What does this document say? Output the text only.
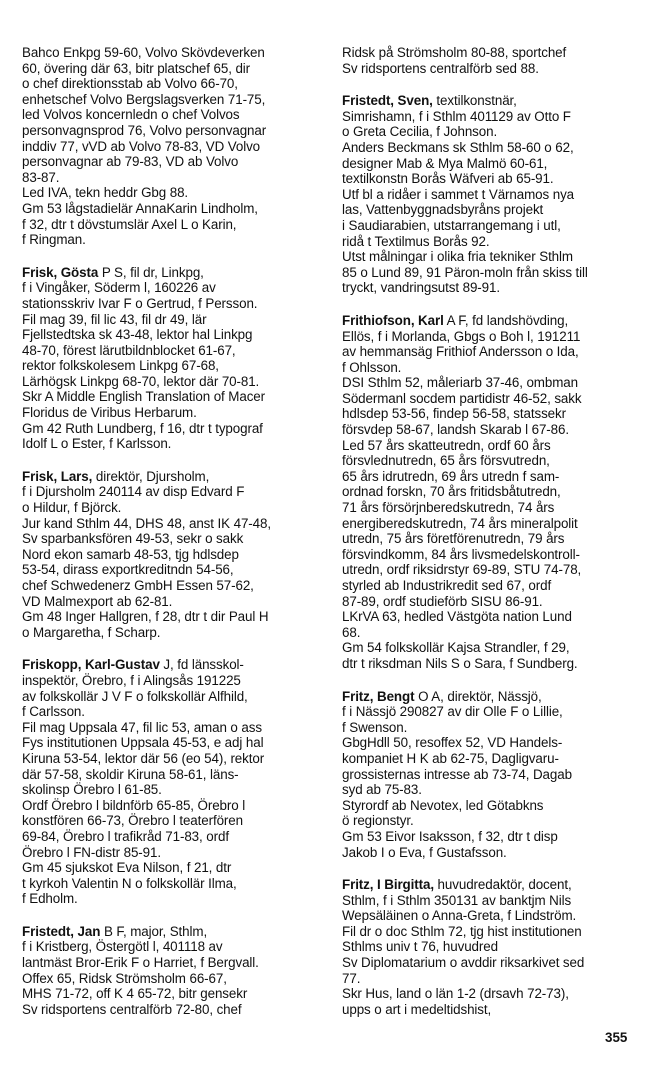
Bahco Enkpg 59-60, Volvo Skövdeverken
60, övering där 63, bitr platschef 65, dir
o chef direktionsstab ab Volvo 66-70,
enhetschef Volvo Bergslagsverken 71-75,
led Volvos koncernledn o chef Volvos
personvagnsprod 76, Volvo personvagnar
inddiv 77, vVD ab Volvo 78-83, VD Volvo
personvagnar ab 79-83, VD ab Volvo
83-87.
Led IVA, tekn heddr Gbg 88.
Gm 53 lågstadielär AnnaKarin Lindholm,
f 32, dtr t dövstumslär Axel L o Karin,
f Ringman.
Frisk, Gösta P S, fil dr, Linkpg,
f i Vingåker, Söderm l, 160226 av
stationsskriv Ivar F o Gertrud, f Persson.
Fil mag 39, fil lic 43, fil dr 49, lär
Fjellstedtska sk 43-48, lektor hal Linkpg
48-70, förest lärutbildnblocket 61-67,
rektor folkskolesem Linkpg 67-68,
Lärhögsk Linkpg 68-70, lektor där 70-81.
Skr A Middle English Translation of Macer
Floridus de Viribus Herbarum.
Gm 42 Ruth Lundberg, f 16, dtr t typograf
Idolf L o Ester, f Karlsson.
Frisk, Lars, direktör, Djursholm,
f i Djursholm 240114 av disp Edvard F
o Hildur, f Björck.
Jur kand Sthlm 44, DHS 48, anst IK 47-48,
Sv sparbanksfören 49-53, sekr o sakk
Nord ekon samarb 48-53, tjg hdlsdep
53-54, dirass exportkreditndn 54-56,
chef Schwedenerz GmbH Essen 57-62,
VD Malmexport ab 62-81.
Gm 48 Inger Hallgren, f 28, dtr t dir Paul H
o Margaretha, f Scharp.
Friskopp, Karl-Gustav J, fd länsskol-
inspektör, Örebro, f i Alingsås 191225
av folkskollär J V F o folkskollär Alfhild,
f Carlsson.
Fil mag Uppsala 47, fil lic 53, aman o ass
Fys institutionen Uppsala 45-53, e adj hal
Kiruna 53-54, lektor där 56 (eo 54), rektor
där 57-58, skoldir Kiruna 58-61, läns-
skolinsp Örebro l 61-85.
Ordf Örebro l bildnförb 65-85, Örebro l
konstfören 66-73, Örebro l teaterfören
69-84, Örebro l trafikråd 71-83, ordf
Örebro l FN-distr 85-91.
Gm 45 sjukskot Eva Nilson, f 21, dtr
t kyrkoh Valentin N o folkskollär Ilma,
f Edholm.
Fristedt, Jan B F, major, Sthlm,
f i Kristberg, Östergötl l, 401118 av
lantmäst Bror-Erik F o Harriet, f Bergvall.
Offex 65, Ridsk Strömsholm 66-67,
MHS 71-72, off K 4 65-72, bitr gensekr
Sv ridsportens centralförb 72-80, chef
Ridsk på Strömsholm 80-88, sportchef
Sv ridsportens centralförb sed 88.
Fristedt, Sven, textilkonstnär,
Simrishamn, f i Sthlm 401129 av Otto F
o Greta Cecilia, f Johnson.
Anders Beckmans sk Sthlm 58-60 o 62,
designer Mab & Mya Malmö 60-61,
textilkonstn Borås Wäfveri ab 65-91.
Utf bl a ridåer i sammet t Värnamos nya
las, Vattenbyggnadsbyråns projekt
i Saudiarabien, utstarrangemang i utl,
ridå t Textilmus Borås 92.
Utst målningar i olika fria tekniker Sthlm
85 o Lund 89, 91 Päron-moln från skiss till
tryckt, vandringsutst 89-91.
Frithiofson, Karl A F, fd landshövding,
Ellös, f i Morlanda, Gbgs o Boh l, 191211
av hemmansäg Frithiof Andersson o Ida,
f Ohlsson.
DSI Sthlm 52, måleriarb 37-46, ombman
Södermanl socdem partidistr 46-52, sakk
hdlsdep 53-56, findep 56-58, statssekr
försvdep 58-67, landsh Skarab l 67-86.
Led 57 års skatteutredn, ordf 60 års
försvlednutredn, 65 års försvutredn,
65 års idrutredn, 69 års utredn f sam-
ordnad forskn, 70 års fritidsbåtutredn,
71 års försörjnberedskutredn, 74 års
energiberedskutredn, 74 års mineralpolit
utredn, 75 års företförenutredn, 79 års
försvindkomm, 84 års livsmedelskontroll-
utredn, ordf riksidrstyr 69-89, STU 74-78,
styrled ab Industrikredit sed 67, ordf
87-89, ordf studieförb SISU 86-91.
LKrVA 63, hedled Västgöta nation Lund
68.
Gm 54 folkskollär Kajsa Strandler, f 29,
dtr t riksdman Nils S o Sara, f Sundberg.
Fritz, Bengt O A, direktör, Nässjö,
f i Nässjö 290827 av dir Olle F o Lillie,
f Swenson.
GbgHdll 50, resoffex 52, VD Handels-
kompaniet H K ab 62-75, Dagligvaru-
grossisternas intresse ab 73-74, Dagab
syd ab 75-83.
Styrordf ab Nevotex, led Götabkns
ö regionstyr.
Gm 53 Eivor Isaksson, f 32, dtr t disp
Jakob I o Eva, f Gustafsson.
Fritz, I Birgitta, huvudredaktör, docent,
Sthlm, f i Sthlm 350131 av banktjm Nils
Wepsäläinen o Anna-Greta, f Lindström.
Fil dr o doc Sthlm 72, tjg hist institutionen
Sthlms univ t 76, huvudred
Sv Diplomatarium o avddir riksarkivet sed
77.
Skr Hus, land o län 1-2 (drsavh 72-73),
upps o art i medeltidshist,
355
